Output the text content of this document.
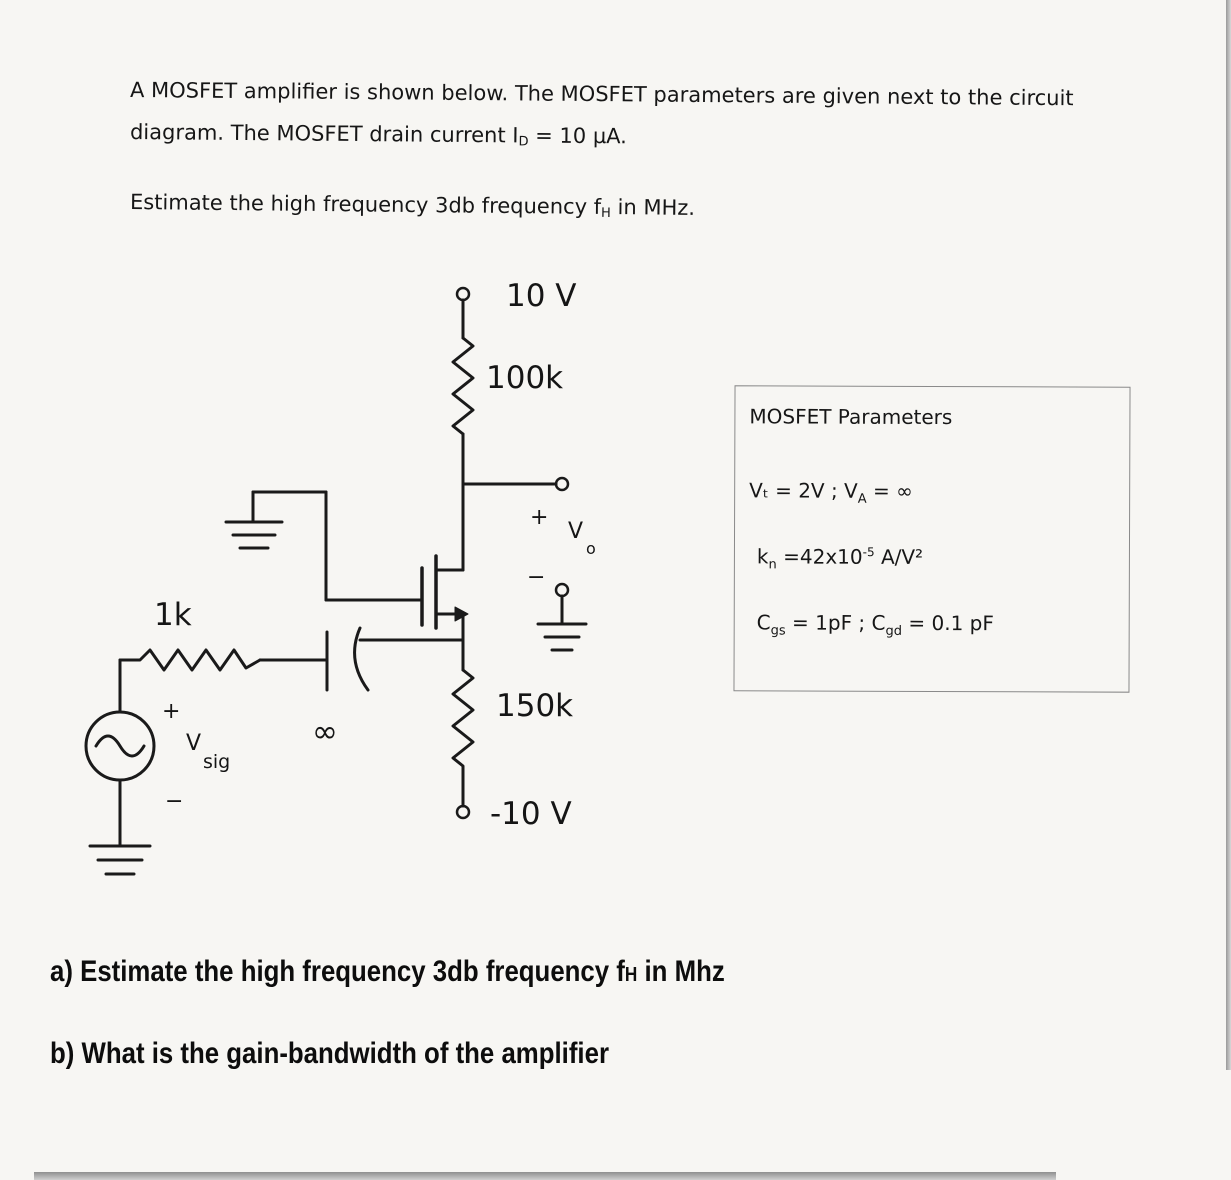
A MOSFET amplifier is shown below. The MOSFET parameters are given next to the circuit

diagram. The MOSFET drain current $I_D = 10$ µA.

Estimate the high frequency 3db frequency $f_H$ in MHz.

10 V
100k
150k
-10 V
1k
∞
+
V
o
−
+
V
sig
−
MOSFET Parameters
Vₜ = 2V ; $V_A$ = ∞
$k_n =42x10^{-5}$ A/V²
$C_{gs} = 1pF$ ; $C_{gd} = 0.1$ pF

a) Estimate the high frequency 3db frequency fH in Mhz

b) What is the gain-bandwidth of the amplifier
